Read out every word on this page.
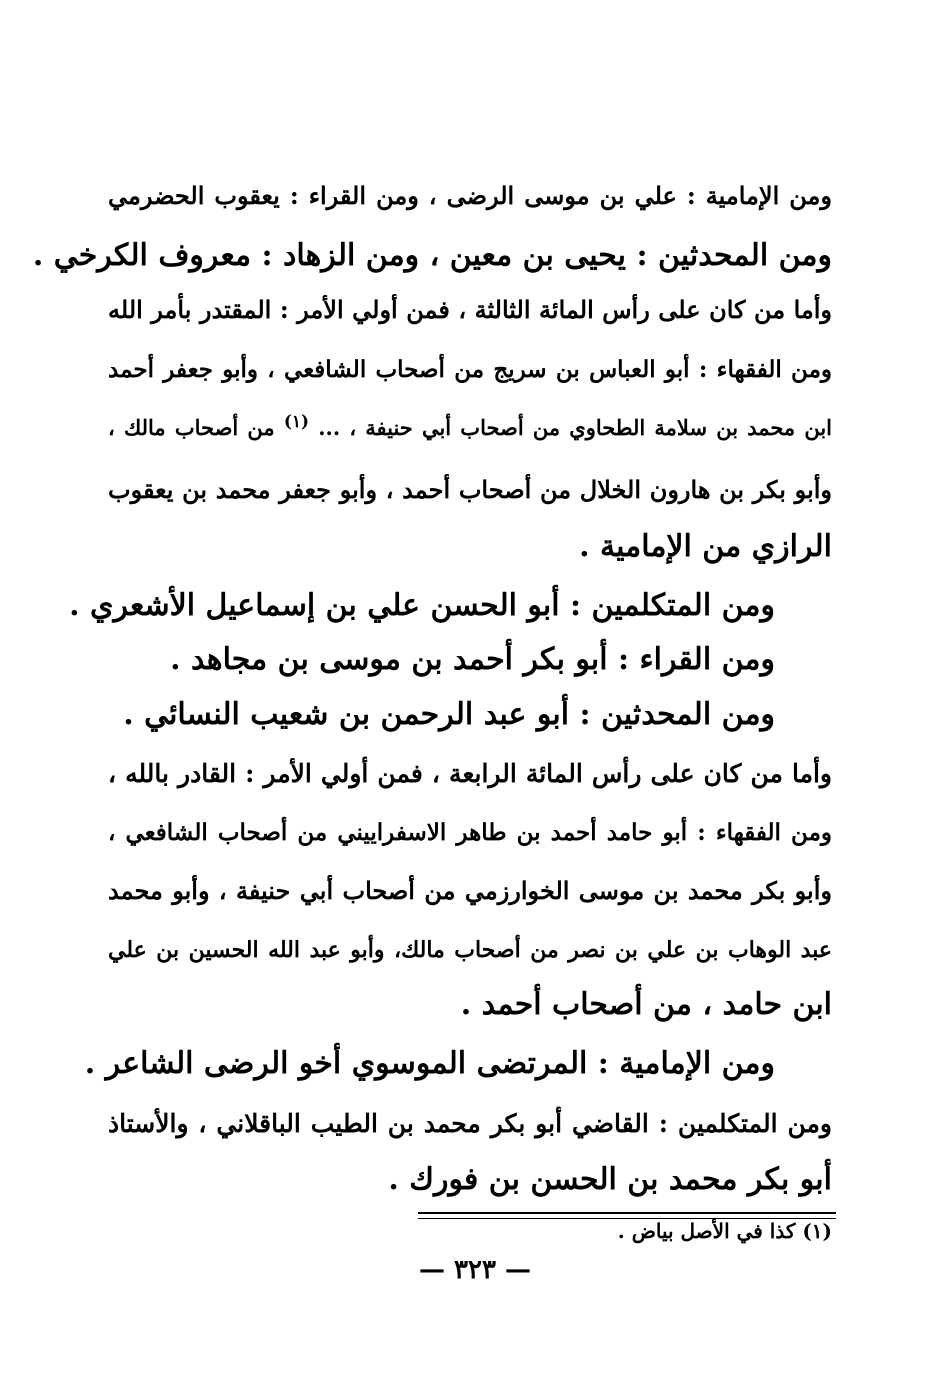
ومن الإمامية : علي بن موسى الرضى ، ومن القراء : يعقوب الحضرمي
ومن المحدثين : يحيى بن معين ، ومن الزهاد : معروف الكرخي .
وأما من كان على رأس المائة الثالثة ، فمن أولي الأمر : المقتدر بأمر الله
ومن الفقهاء : أبو العباس بن سريج من أصحاب الشافعي ، وأبو جعفر أحمد
ابن محمد بن سلامة الطحاوي من أصحاب أبي حنيفة ، ... $^{(١)}$ من أصحاب مالك ،
وأبو بكر بن هارون الخلال من أصحاب أحمد ، وأبو جعفر محمد بن يعقوب
الرازي من الإمامية .
ومن المتكلمين : أبو الحسن علي بن إسماعيل الأشعري .
ومن القراء : أبو بكر أحمد بن موسى بن مجاهد .
ومن المحدثين : أبو عبد الرحمن بن شعيب النسائي .
وأما من كان على رأس المائة الرابعة ، فمن أولي الأمر : القادر بالله ،
ومن الفقهاء : أبو حامد أحمد بن طاهر الاسفراييني من أصحاب الشافعي ،
وأبو بكر محمد بن موسى الخوارزمي من أصحاب أبي حنيفة ، وأبو محمد
عبد الوهاب بن علي بن نصر من أصحاب مالك، وأبو عبد الله الحسين بن علي
ابن حامد ، من أصحاب أحمد .
ومن الإمامية : المرتضى الموسوي أخو الرضى الشاعر .
ومن المتكلمين : القاضي أبو بكر محمد بن الطيب الباقلاني ، والأستاذ
أبو بكر محمد بن الحسن بن فورك .
(١) كذا في الأصل بياض .
— ٣٢٣ —
